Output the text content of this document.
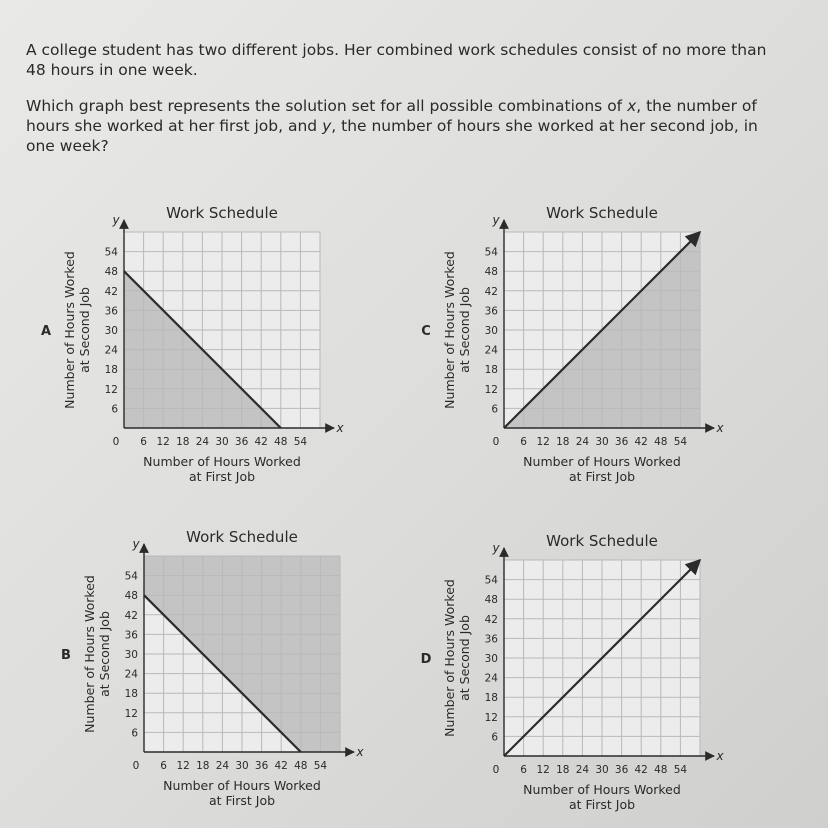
A college student has two different jobs. Her combined work schedules consist of no more than 48 hours in one week.

Which graph best represents the solution set for all possible combinations of x, the number of hours she worked at her first job, and y, the number of hours she worked at her second job, in one week?

Work Schedule
6 12 18 24 30 36 42 48 54
6
12
18
24
30
36
42
48
54
0
x
y
Number of Hours Worked
at First Job
Number of Hours Worked at Second Job
A
Work Schedule
6 12 18 24 30 36 42 48 54
6
12
18
24
30
36
42
48
54
0
x
y
Number of Hours Worked
at First Job
Number of Hours Worked at Second Job
C
Work Schedule
6 12 18 24 30 36 42 48 54
6
12
18
24
30
36
42
48
54
0
x
y
Number of Hours Worked
at First Job
Number of Hours Worked at Second Job
B
Work Schedule
6 12 18 24 30 36 42 48 54
6
12
18
24
30
36
42
48
54
0
x
y
Number of Hours Worked
at First Job
Number of Hours Worked at Second Job
D
